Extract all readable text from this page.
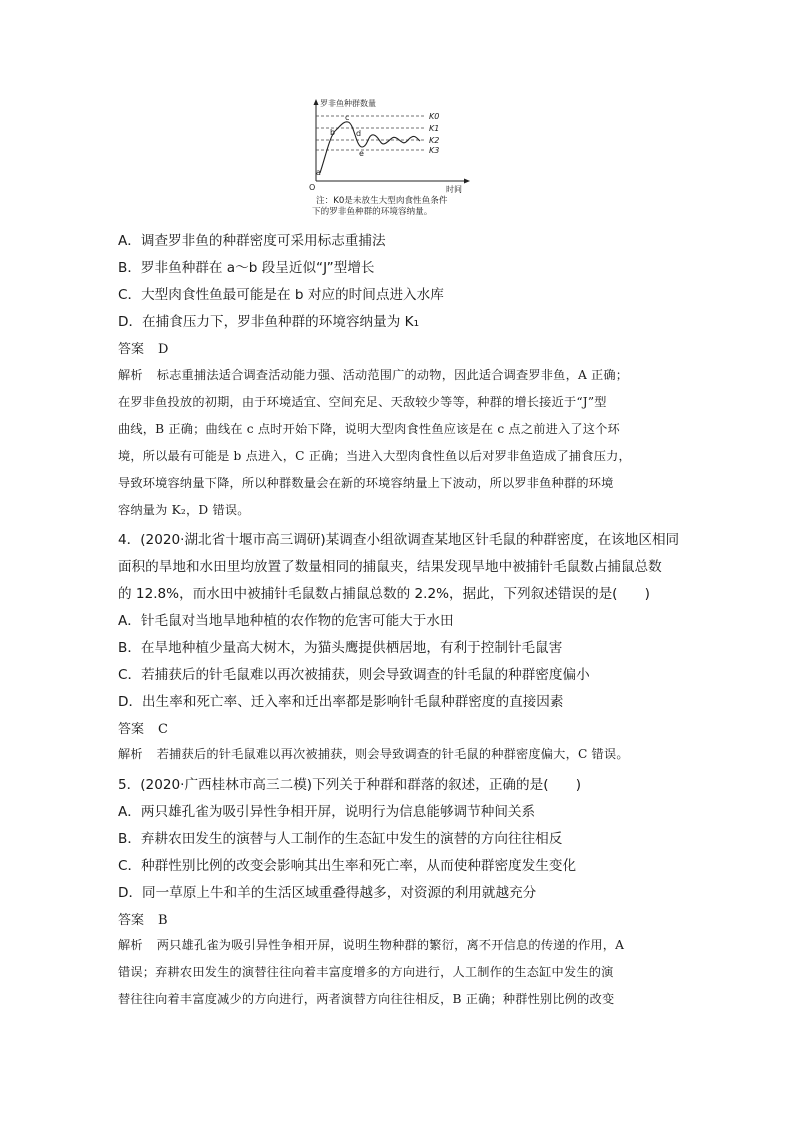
罗非鱼种群数量
时间
O
K0
K1
K2
K3
a
b
c
d
e
注：K0是未放生大型肉食性鱼条件
下的罗非鱼种群的环境容纳量。
A．调查罗非鱼的种群密度可采用标志重捕法
B．罗非鱼种群在 a～b 段呈近似“J”型增长
C．大型肉食性鱼最可能是在 b 对应的时间点进入水库
D．在捕食压力下，罗非鱼种群的环境容纳量为 K₁
答案 D
解析 标志重捕法适合调查活动能力强、活动范围广的动物，因此适合调查罗非鱼，A 正确；
在罗非鱼投放的初期，由于环境适宜、空间充足、天敌较少等等，种群的增长接近于“J”型
曲线，B 正确；曲线在 c 点时开始下降，说明大型肉食性鱼应该是在 c 点之前进入了这个环
境，所以最有可能是 b 点进入，C 正确；当进入大型肉食性鱼以后对罗非鱼造成了捕食压力，
导致环境容纳量下降，所以种群数量会在新的环境容纳量上下波动，所以罗非鱼种群的环境
容纳量为 K₂，D 错误。
4．(2020·湖北省十堰市高三调研)某调查小组欲调查某地区针毛鼠的种群密度，在该地区相同
面积的旱地和水田里均放置了数量相同的捕鼠夹，结果发现旱地中被捕针毛鼠数占捕鼠总数
的 12.8%，而水田中被捕针毛鼠数占捕鼠总数的 2.2%，据此，下列叙述错误的是(　　)
A．针毛鼠对当地旱地种植的农作物的危害可能大于水田
B．在旱地种植少量高大树木，为猫头鹰提供栖居地，有利于控制针毛鼠害
C．若捕获后的针毛鼠难以再次被捕获，则会导致调查的针毛鼠的种群密度偏小
D．出生率和死亡率、迁入率和迁出率都是影响针毛鼠种群密度的直接因素
答案 C
解析 若捕获后的针毛鼠难以再次被捕获，则会导致调查的针毛鼠的种群密度偏大，C 错误。
5．(2020·广西桂林市高三二模)下列关于种群和群落的叙述，正确的是(　　)
A．两只雄孔雀为吸引异性争相开屏，说明行为信息能够调节种间关系
B．弃耕农田发生的演替与人工制作的生态缸中发生的演替的方向往往相反
C．种群性别比例的改变会影响其出生率和死亡率，从而使种群密度发生变化
D．同一草原上牛和羊的生活区域重叠得越多，对资源的利用就越充分
答案 B
解析 两只雄孔雀为吸引异性争相开屏，说明生物种群的繁衍，离不开信息的传递的作用，A
错误；弃耕农田发生的演替往往向着丰富度增多的方向进行，人工制作的生态缸中发生的演
替往往向着丰富度减少的方向进行，两者演替方向往往相反，B 正确；种群性别比例的改变
